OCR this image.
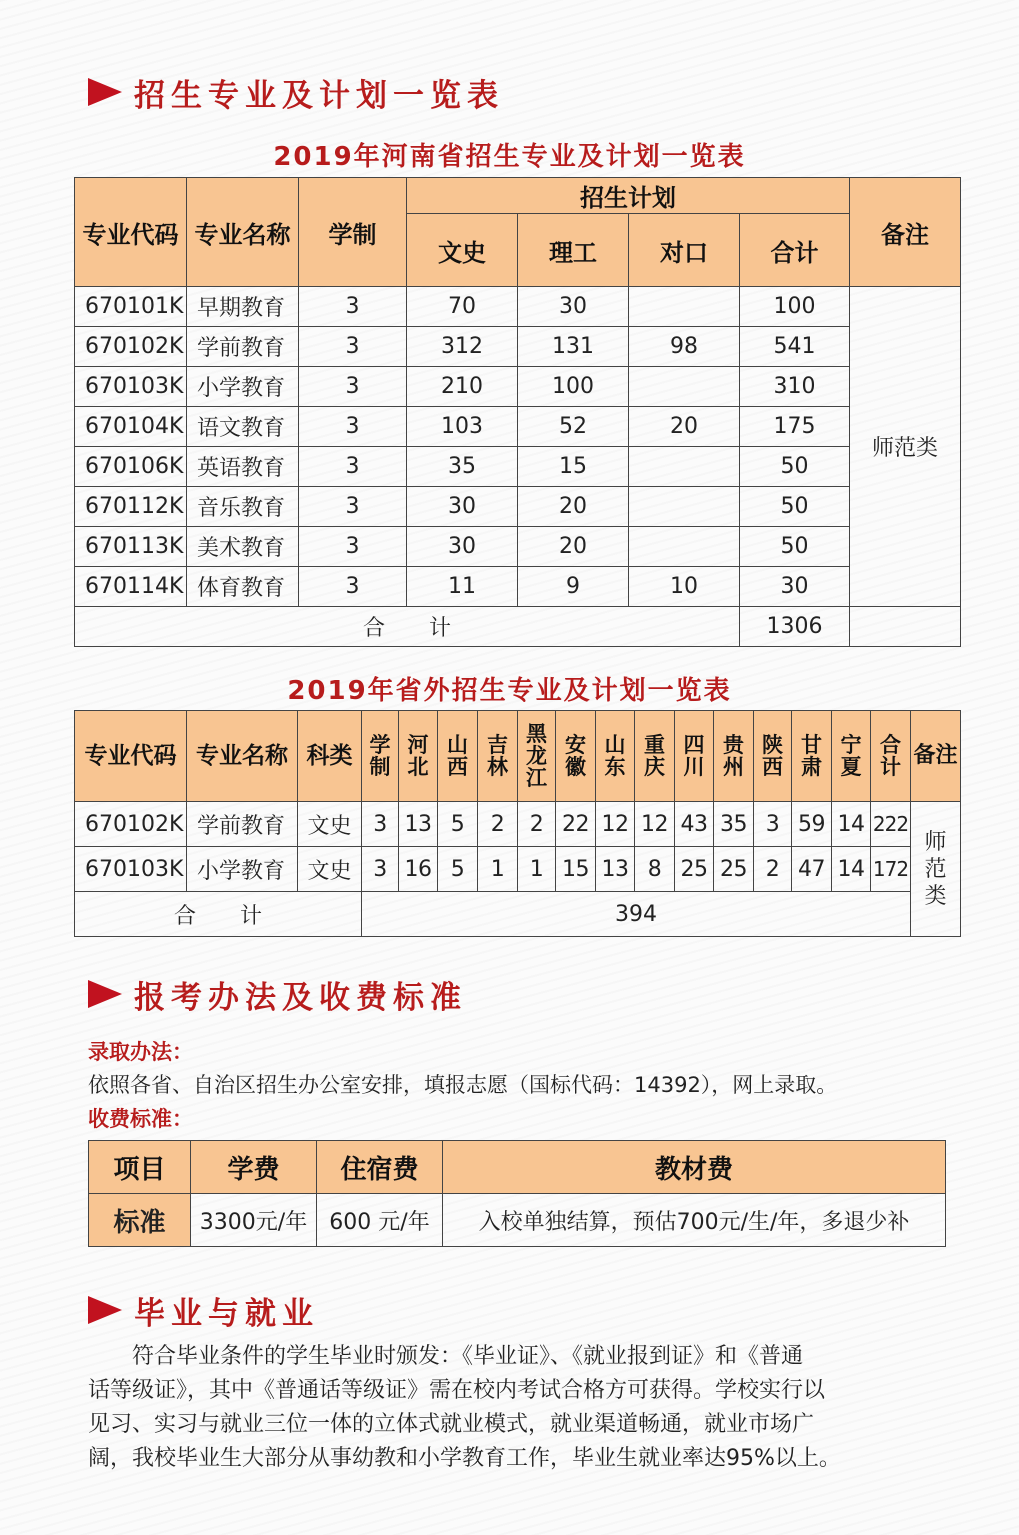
招生专业及计划一览表
2019年河南省招生专业及计划一览表
专业代码	专业名称	学制	招生计划				备注
			文史	理工	对口	合计	
670101K	早期教育	3	70	30		100	师范类
670102K	学前教育	3	312	131	98	541	
670103K	小学教育	3	210	100		310	
670104K	语文教育	3	103	52	20	175	
670106K	英语教育	3	35	15		50	
670112K	音乐教育	3	30	20		50	
670113K	美术教育	3	30	20		50	
670114K	体育教育	3	11	9	10	30	
合　　计						1306	
2019年省外招生专业及计划一览表
专业代码	专业名称	科类	学制	河北	山西	吉林	黑龙江	安徽	山东	重庆	四川	贵州	陕西	甘肃	宁夏	合计	备注
670102K	学前教育	文史	3	13	5	2	2	22	12	12	43	35	3	59	14	222	师范类
670103K	小学教育	文史	3	16	5	1	1	15	13	8	25	25	2	47	14	172	
合　　计			394														
报考办法及收费标准
录取办法：
依照各省、自治区招生办公室安排，填报志愿（国标代码：14392），网上录取。
收费标准：
项目	学费	住宿费	教材费
标准	3300元/年	600 元/年	入校单独结算，预估700元/生/年，多退少补
毕业与就业
　　符合毕业条件的学生毕业时颁发：《毕业证》、《就业报到证》和《普通
话等级证》，其中《普通话等级证》需在校内考试合格方可获得。学校实行以
见习、实习与就业三位一体的立体式就业模式，就业渠道畅通，就业市场广
阔，我校毕业生大部分从事幼教和小学教育工作，毕业生就业率达95%以上。
